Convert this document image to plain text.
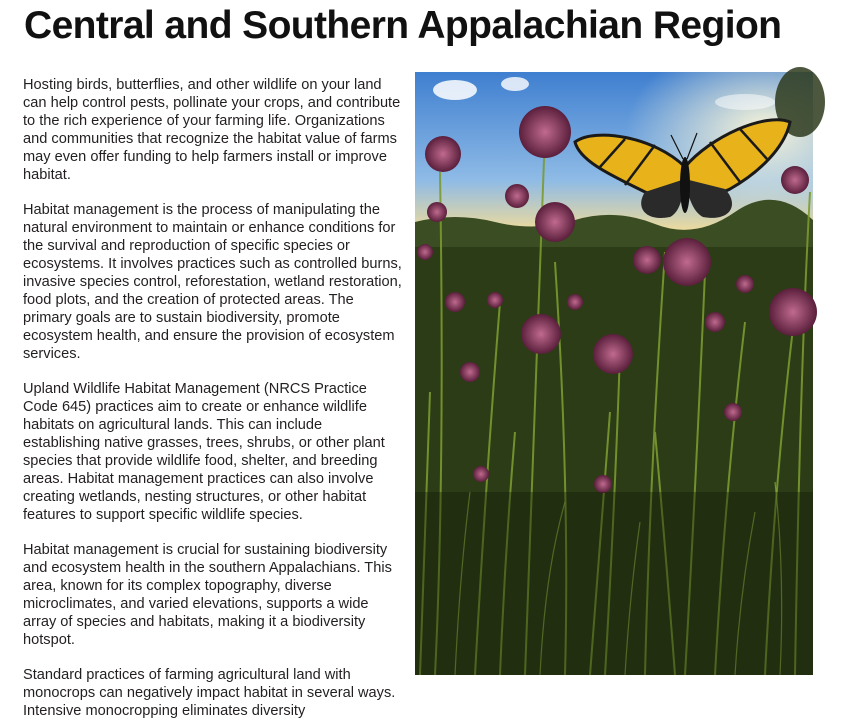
Central and Southern Appalachian Region

Hosting birds, butterflies, and other wildlife on your land can help control pests, pollinate your crops, and contribute to the rich experience of your farming life. Organizations and communities that recognize the habitat value of farms may even offer funding to help farmers install or improve habitat.

Habitat management is the process of manipulating the natural environment to maintain or enhance conditions for the survival and reproduction of specific species or ecosystems. It involves practices such as controlled burns, invasive species control, reforestation, wetland restoration, food plots, and the creation of protected areas. The primary goals are to sustain biodiversity, promote ecosystem health, and ensure the provision of ecosystem services.

Upland Wildlife Habitat Management (NRCS Practice Code 645) practices aim to create or enhance wildlife habitats on agricultural lands. This can include establishing native grasses, trees, shrubs, or other plant species that provide wildlife food, shelter, and breeding areas. Habitat management practices can also involve creating wetlands, nesting structures, or other habitat features to support specific wildlife species.

Habitat management is crucial for sustaining biodiversity and ecosystem health in the southern Appalachians. This area, known for its complex topography, diverse microclimates, and varied elevations, supports a wide array of species and habitats, making it a biodiversity hotspot.

Standard practices of farming agricultural land with monocrops can negatively impact habitat in several ways. Intensive monocropping eliminates diversity
